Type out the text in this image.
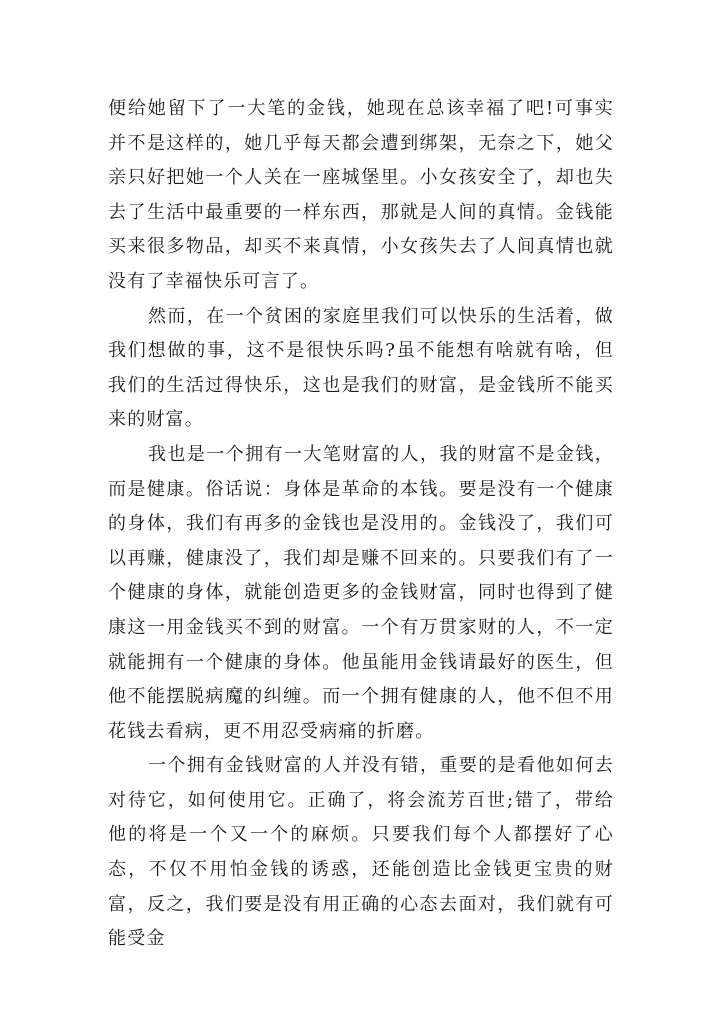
便给她留下了一大笔的金钱，她现在总该幸福了吧!可事实并不是这样的，她几乎每天都会遭到绑架，无奈之下，她父亲只好把她一个人关在一座城堡里。小女孩安全了，却也失去了生活中最重要的一样东西，那就是人间的真情。金钱能买来很多物品，却买不来真情，小女孩失去了人间真情也就没有了幸福快乐可言了。

然而，在一个贫困的家庭里我们可以快乐的生活着，做我们想做的事，这不是很快乐吗?虽不能想有啥就有啥，但我们的生活过得快乐，这也是我们的财富，是金钱所不能买来的财富。

我也是一个拥有一大笔财富的人，我的财富不是金钱，而是健康。俗话说：身体是革命的本钱。要是没有一个健康的身体，我们有再多的金钱也是没用的。金钱没了，我们可以再赚，健康没了，我们却是赚不回来的。只要我们有了一个健康的身体，就能创造更多的金钱财富，同时也得到了健康这一用金钱买不到的财富。一个有万贯家财的人，不一定就能拥有一个健康的身体。他虽能用金钱请最好的医生，但他不能摆脱病魔的纠缠。而一个拥有健康的人，他不但不用花钱去看病，更不用忍受病痛的折磨。

一个拥有金钱财富的人并没有错，重要的是看他如何去对待它，如何使用它。正确了，将会流芳百世;错了，带给他的将是一个又一个的麻烦。只要我们每个人都摆好了心态，不仅不用怕金钱的诱惑，还能创造比金钱更宝贵的财富，反之，我们要是没有用正确的心态去面对，我们就有可能受金
